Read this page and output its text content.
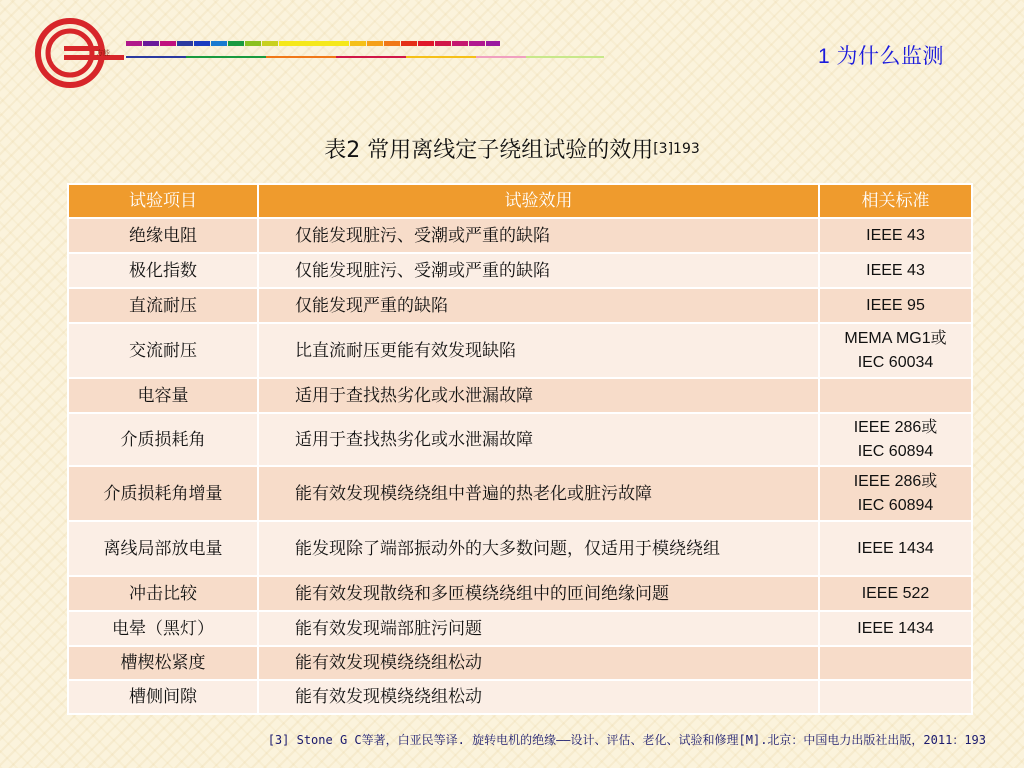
方能	1 为什么监测
表2 常用离线定子绕组试验的效用$^{[3]193}$
试验项目	试验效用	相关标准
绝缘电阻	仅能发现脏污、受潮或严重的缺陷	IEEE 43
极化指数	仅能发现脏污、受潮或严重的缺陷	IEEE 43
直流耐压	仅能发现严重的缺陷	IEEE 95
交流耐压	比直流耐压更能有效发现缺陷	MEMA MG1或
IEC 60034
电容量	适用于查找热劣化或水泄漏故障	

介质损耗角	适用于查找热劣化或水泄漏故障	IEEE 286或
IEC 60894
介质损耗角增量	能有效发现模绕绕组中普遍的热老化或脏污故障	IEEE 286或
IEC 60894
离线局部放电量	能发现除了端部振动外的大多数问题，仅适用于模绕绕组	IEEE 1434
冲击比较	能有效发现散绕和多匝模绕绕组中的匝间绝缘问题	IEEE 522
电晕（黑灯）	能有效发现端部脏污问题	IEEE 1434
槽楔松紧度	能有效发现模绕绕组松动	

槽侧间隙	能有效发现模绕绕组松动	

[3] Stone G C等著，白亚民等译. 旋转电机的绝缘——设计、评估、老化、试验和修理[M].北京：中国电力出版社出版，2011：193
